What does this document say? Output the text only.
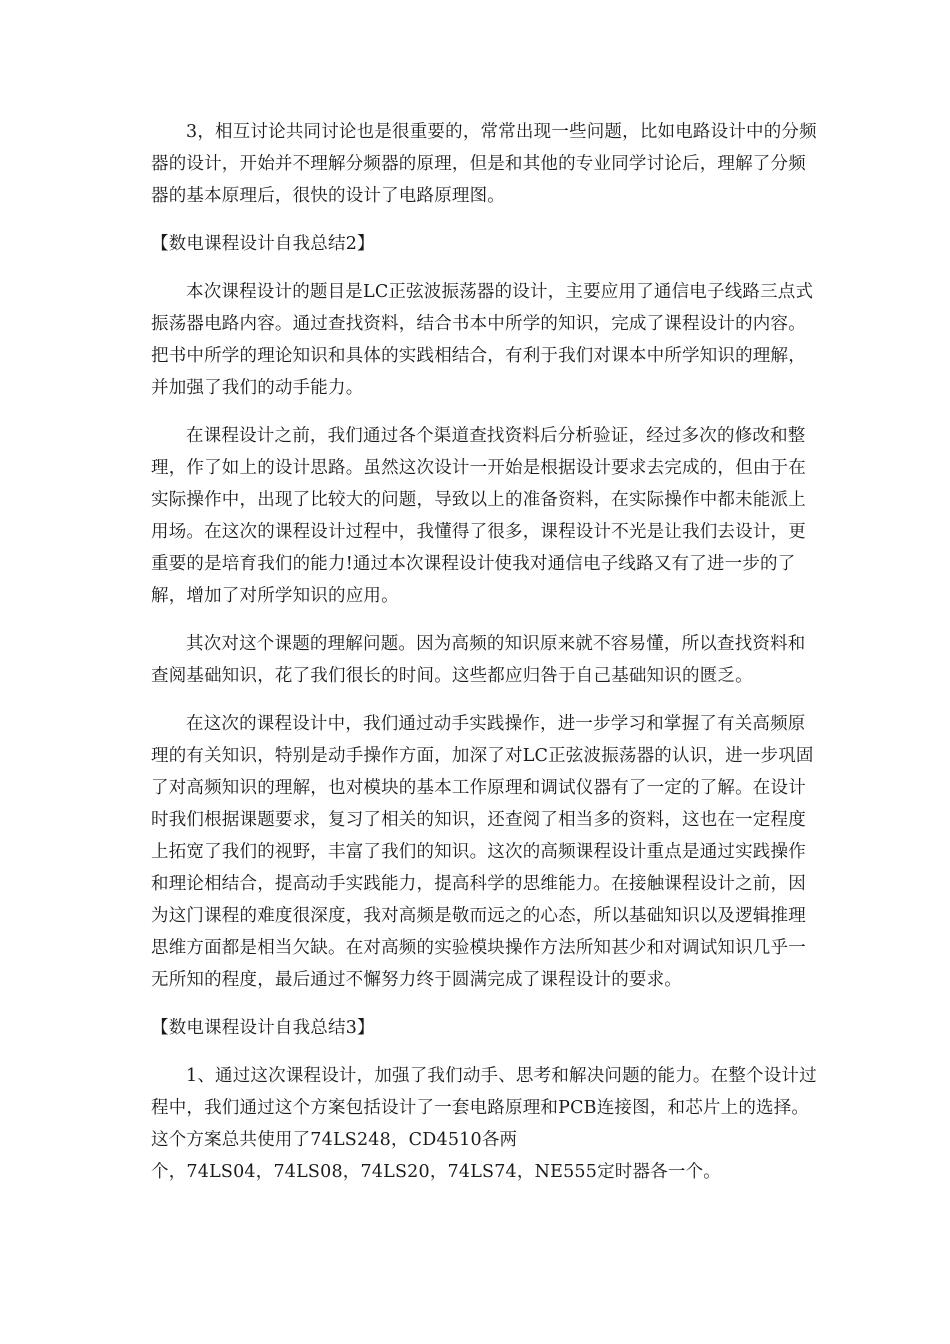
3，相互讨论共同讨论也是很重要的，常常出现一些问题，比如电路设计中的分频
器的设计，开始并不理解分频器的原理，但是和其他的专业同学讨论后，理解了分频
器的基本原理后，很快的设计了电路原理图。

【数电课程设计自我总结2】

本次课程设计的题目是LC正弦波振荡器的设计，主要应用了通信电子线路三点式
振荡器电路内容。通过查找资料，结合书本中所学的知识，完成了课程设计的内容。
把书中所学的理论知识和具体的实践相结合，有利于我们对课本中所学知识的理解，
并加强了我们的动手能力。

在课程设计之前，我们通过各个渠道查找资料后分析验证，经过多次的修改和整
理，作了如上的设计思路。虽然这次设计一开始是根据设计要求去完成的，但由于在
实际操作中，出现了比较大的问题，导致以上的准备资料，在实际操作中都未能派上
用场。在这次的课程设计过程中，我懂得了很多，课程设计不光是让我们去设计，更
重要的是培育我们的能力!通过本次课程设计使我对通信电子线路又有了进一步的了
解，增加了对所学知识的应用。

其次对这个课题的理解问题。因为高频的知识原来就不容易懂，所以查找资料和
查阅基础知识，花了我们很长的时间。这些都应归咎于自己基础知识的匮乏。

在这次的课程设计中，我们通过动手实践操作，进一步学习和掌握了有关高频原
理的有关知识，特别是动手操作方面，加深了对LC正弦波振荡器的认识，进一步巩固
了对高频知识的理解，也对模块的基本工作原理和调试仪器有了一定的了解。在设计
时我们根据课题要求，复习了相关的知识，还查阅了相当多的资料，这也在一定程度
上拓宽了我们的视野，丰富了我们的知识。这次的高频课程设计重点是通过实践操作
和理论相结合，提高动手实践能力，提高科学的思维能力。在接触课程设计之前，因
为这门课程的难度很深度，我对高频是敬而远之的心态，所以基础知识以及逻辑推理
思维方面都是相当欠缺。在对高频的实验模块操作方法所知甚少和对调试知识几乎一
无所知的程度，最后通过不懈努力终于圆满完成了课程设计的要求。

【数电课程设计自我总结3】

1、通过这次课程设计，加强了我们动手、思考和解决问题的能力。在整个设计过
程中，我们通过这个方案包括设计了一套电路原理和PCB连接图，和芯片上的选择。
这个方案总共使用了74LS248，CD4510各两
个，74LS04，74LS08，74LS20，74LS74，NE555定时器各一个。
